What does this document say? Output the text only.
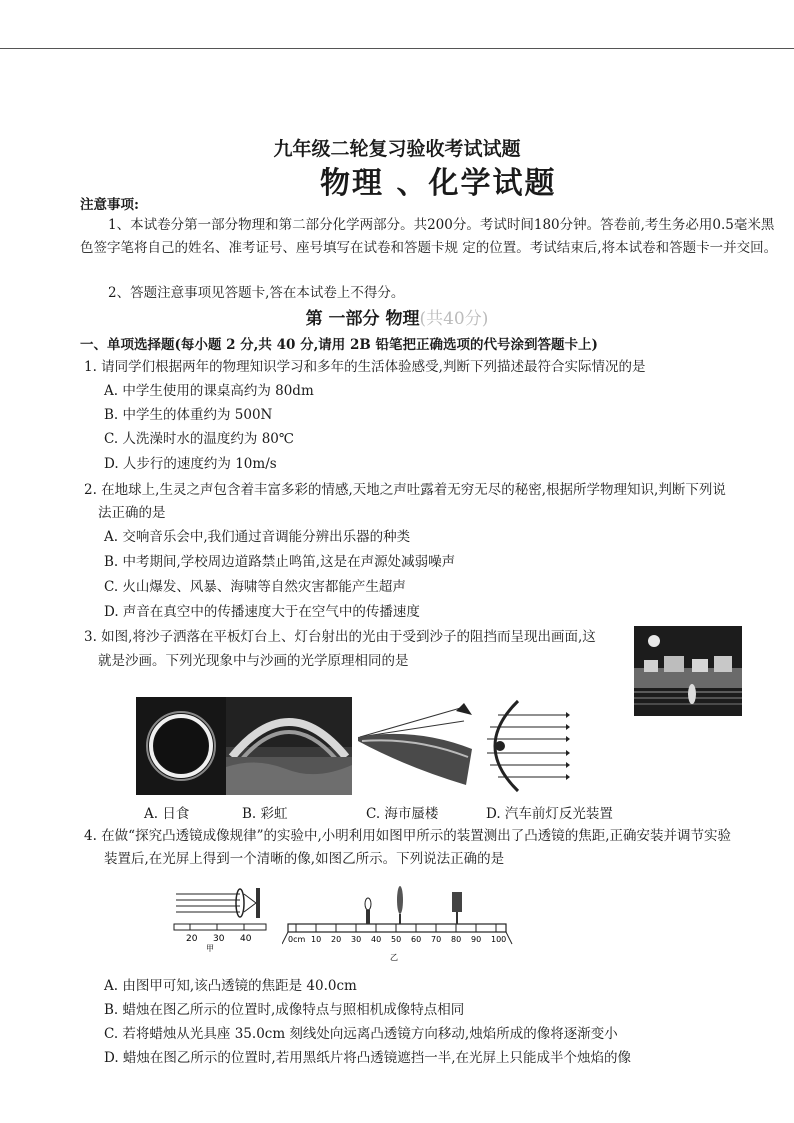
九年级二轮复习验收考试试题
物理 、化学试题
注意事项:
1、本试卷分第一部分物理和第二部分化学两部分。共200分。考试时间180分钟。答卷前,考生务必用0.5毫米黑色签字笔将自己的姓名、准考证号、座号填写在试卷和答题卡规 定的位置。考试结束后,将本试卷和答题卡一并交回。
2、答题注意事项见答题卡,答在本试卷上不得分。
第 一部分 物理(共40分)
一、单项选择题(每小题 2 分,共 40 分,请用 2B 铅笔把正确选项的代号涂到答题卡上)
1. 请同学们根据两年的物理知识学习和多年的生活体验感受,判断下列描述最符合实际情况的是
A. 中学生使用的课桌高约为 80dm
B. 中学生的体重约为 500N
C. 人洗澡时水的温度约为 80℃
D. 人步行的速度约为 10m/s
2. 在地球上,生灵之声包含着丰富多彩的情感,天地之声吐露着无穷无尽的秘密,根据所学物理知识,判断下列说
法正确的是
A. 交响音乐会中,我们通过音调能分辨出乐器的种类
B. 中考期间,学校周边道路禁止鸣笛,这是在声源处减弱噪声
C. 火山爆发、风暴、海啸等自然灾害都能产生超声
D. 声音在真空中的传播速度大于在空气中的传播速度
3. 如图,将沙子洒落在平板灯台上、灯台射出的光由于受到沙子的阻挡而呈现出画面,这
就是沙画。下列光现象中与沙画的光学原理相同的是
A. 日食	B. 彩虹	C. 海市蜃楼	D. 汽车前灯反光装置
4. 在做“探究凸透镜成像规律”的实验中,小明利用如图甲所示的装置测出了凸透镜的焦距,正确安装并调节实验
装置后,在光屏上得到一个清晰的像,如图乙所示。下列说法正确的是
20 30 40
甲
0cm 10 20 30 40 50 60 70 80 90 100
乙
A. 由图甲可知,该凸透镜的焦距是 40.0cm
B. 蜡烛在图乙所示的位置时,成像特点与照相机成像特点相同
C. 若将蜡烛从光具座 35.0cm 刻线处向远离凸透镜方向移动,烛焰所成的像将逐渐变小
D. 蜡烛在图乙所示的位置时,若用黑纸片将凸透镜遮挡一半,在光屏上只能成半个烛焰的像
